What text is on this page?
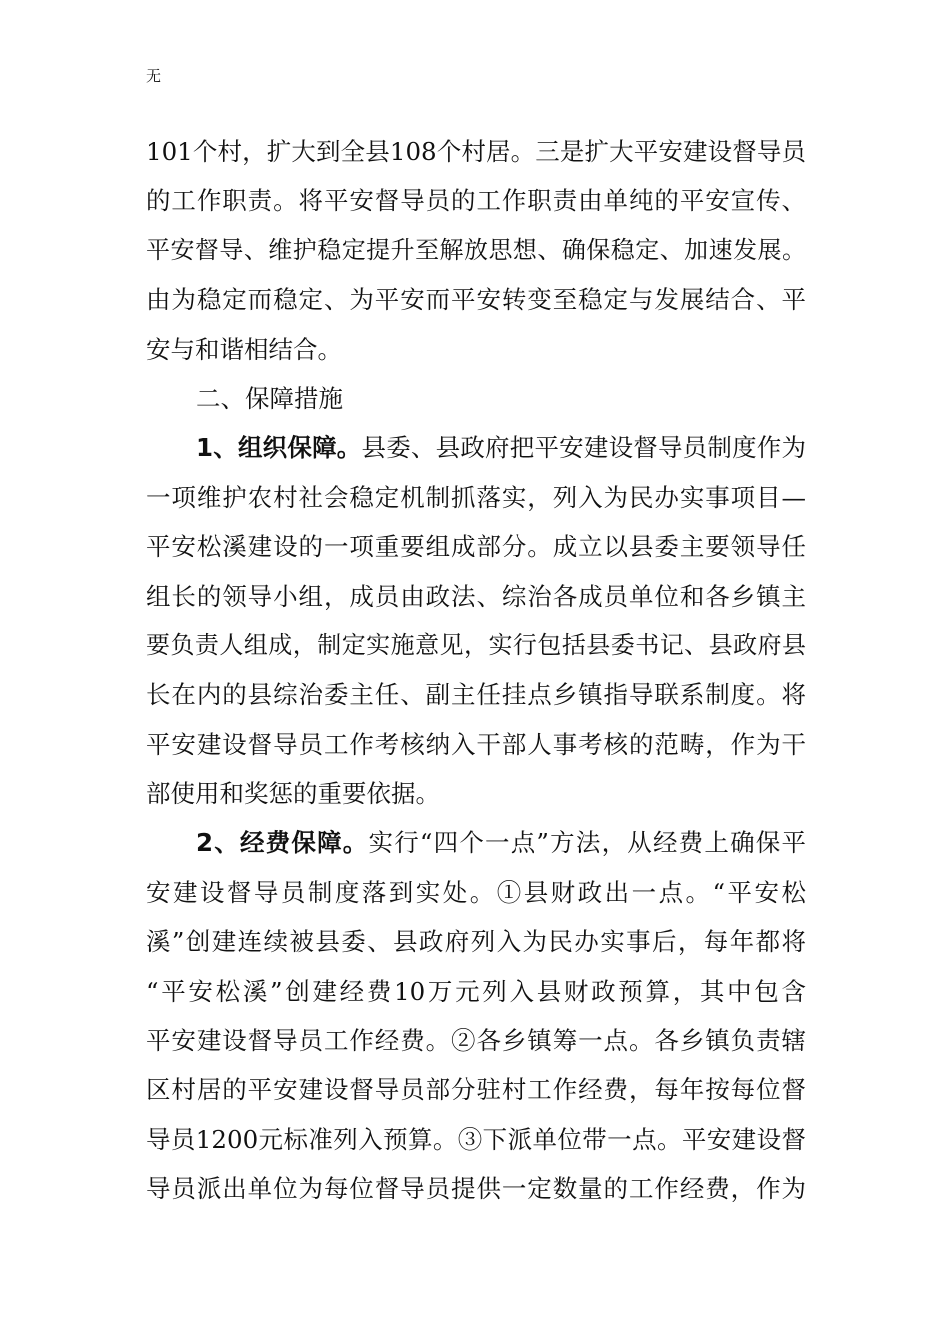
无
101个村，扩大到全县108个村居。三是扩大平安建设督导员
的工作职责。将平安督导员的工作职责由单纯的平安宣传、
平安督导、维护稳定提升至解放思想、确保稳定、加速发展。
由为稳定而稳定、为平安而平安转变至稳定与发展结合、平
安与和谐相结合。
二、保障措施
1、组织保障。县委、县政府把平安建设督导员制度作为
一项维护农村社会稳定机制抓落实，列入为民办实事项目—
平安松溪建设的一项重要组成部分。成立以县委主要领导任
组长的领导小组，成员由政法、综治各成员单位和各乡镇主
要负责人组成，制定实施意见，实行包括县委书记、县政府县
长在内的县综治委主任、副主任挂点乡镇指导联系制度。将
平安建设督导员工作考核纳入干部人事考核的范畴，作为干
部使用和奖惩的重要依据。
2、经费保障。实行“四个一点”方法，从经费上确保平
安建设督导员制度落到实处。①县财政出一点。“平安松
溪”创建连续被县委、县政府列入为民办实事后，每年都将
“平安松溪”创建经费10万元列入县财政预算，其中包含
平安建设督导员工作经费。②各乡镇筹一点。各乡镇负责辖
区村居的平安建设督导员部分驻村工作经费，每年按每位督
导员1200元标准列入预算。③下派单位带一点。平安建设督
导员派出单位为每位督导员提供一定数量的工作经费，作为
